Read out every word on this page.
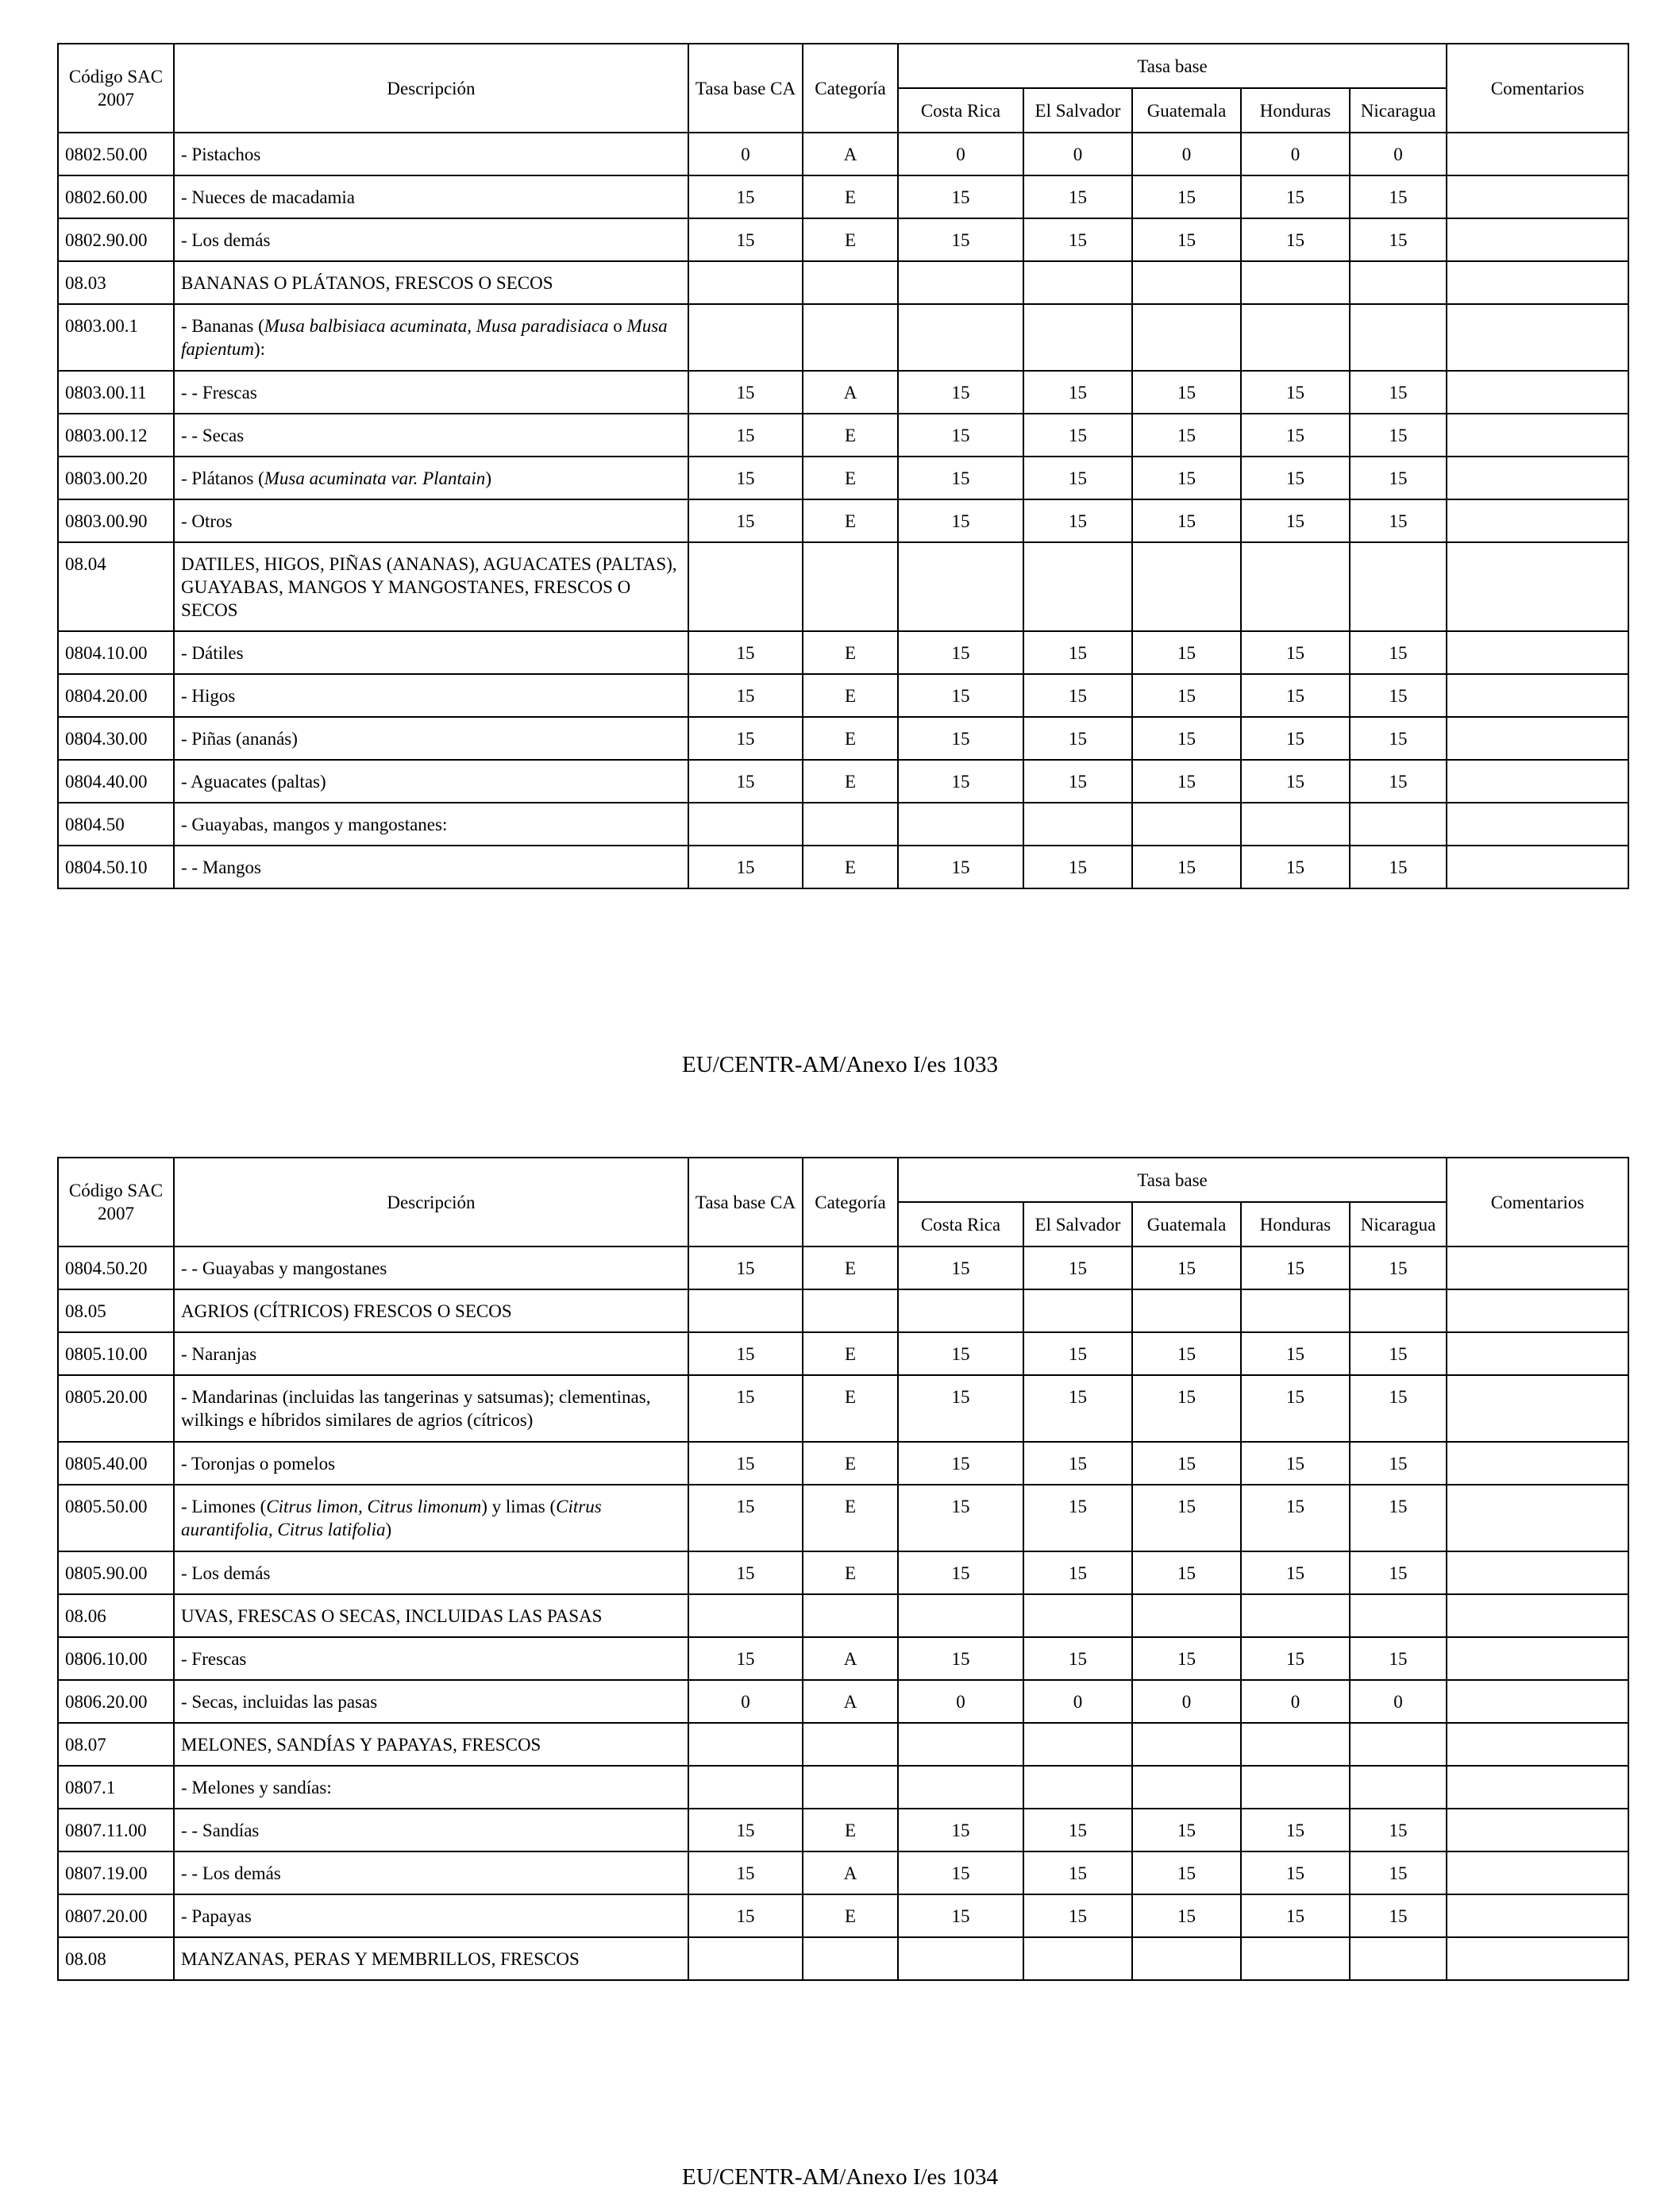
Código SAC 2007	Descripción	Tasa base CA	Categoría	Tasa base					Comentarios
				Costa Rica	El Salvador	Guatemala	Honduras	Nicaragua	
0802.50.00	- Pistachos	0	A	0	0	0	0	0	
0802.60.00	- Nueces de macadamia	15	E	15	15	15	15	15	
0802.90.00	- Los demás	15	E	15	15	15	15	15	
08.03	BANANAS O PLÁTANOS, FRESCOS O SECOS								
0803.00.1	- Bananas (Musa balbisiaca acuminata, Musa paradisiaca o Musa fapientum):								
0803.00.11	- - Frescas	15	A	15	15	15	15	15	
0803.00.12	- - Secas	15	E	15	15	15	15	15	
0803.00.20	- Plátanos (Musa acuminata var. Plantain)	15	E	15	15	15	15	15	
0803.00.90	- Otros	15	E	15	15	15	15	15	
08.04	DATILES, HIGOS, PIÑAS (ANANAS), AGUACATES (PALTAS), GUAYABAS, MANGOS Y MANGOSTANES, FRESCOS O SECOS								
0804.10.00	- Dátiles	15	E	15	15	15	15	15	
0804.20.00	- Higos	15	E	15	15	15	15	15	
0804.30.00	- Piñas (ananás)	15	E	15	15	15	15	15	
0804.40.00	- Aguacates (paltas)	15	E	15	15	15	15	15	
0804.50	- Guayabas, mangos y mangostanes:								
0804.50.10	- - Mangos	15	E	15	15	15	15	15	
EU/CENTR-AM/Anexo I/es 1033
Código SAC 2007	Descripción	Tasa base CA	Categoría	Tasa base					Comentarios
				Costa Rica	El Salvador	Guatemala	Honduras	Nicaragua	
0804.50.20	- - Guayabas y mangostanes	15	E	15	15	15	15	15	
08.05	AGRIOS (CÍTRICOS) FRESCOS O SECOS								
0805.10.00	- Naranjas	15	E	15	15	15	15	15	
0805.20.00	- Mandarinas (incluidas las tangerinas y satsumas); clementinas, wilkings e híbridos similares de agrios (cítricos)	15	E	15	15	15	15	15	
0805.40.00	- Toronjas o pomelos	15	E	15	15	15	15	15	
0805.50.00	- Limones (Citrus limon, Citrus limonum) y limas (Citrus aurantifolia, Citrus latifolia)	15	E	15	15	15	15	15	
0805.90.00	- Los demás	15	E	15	15	15	15	15	
08.06	UVAS, FRESCAS O SECAS, INCLUIDAS LAS PASAS								
0806.10.00	- Frescas	15	A	15	15	15	15	15	
0806.20.00	- Secas, incluidas las pasas	0	A	0	0	0	0	0	
08.07	MELONES, SANDÍAS Y PAPAYAS, FRESCOS								
0807.1	- Melones y sandías:								
0807.11.00	- - Sandías	15	E	15	15	15	15	15	
0807.19.00	- - Los demás	15	A	15	15	15	15	15	
0807.20.00	- Papayas	15	E	15	15	15	15	15	
08.08	MANZANAS, PERAS Y MEMBRILLOS, FRESCOS								
EU/CENTR-AM/Anexo I/es 1034
